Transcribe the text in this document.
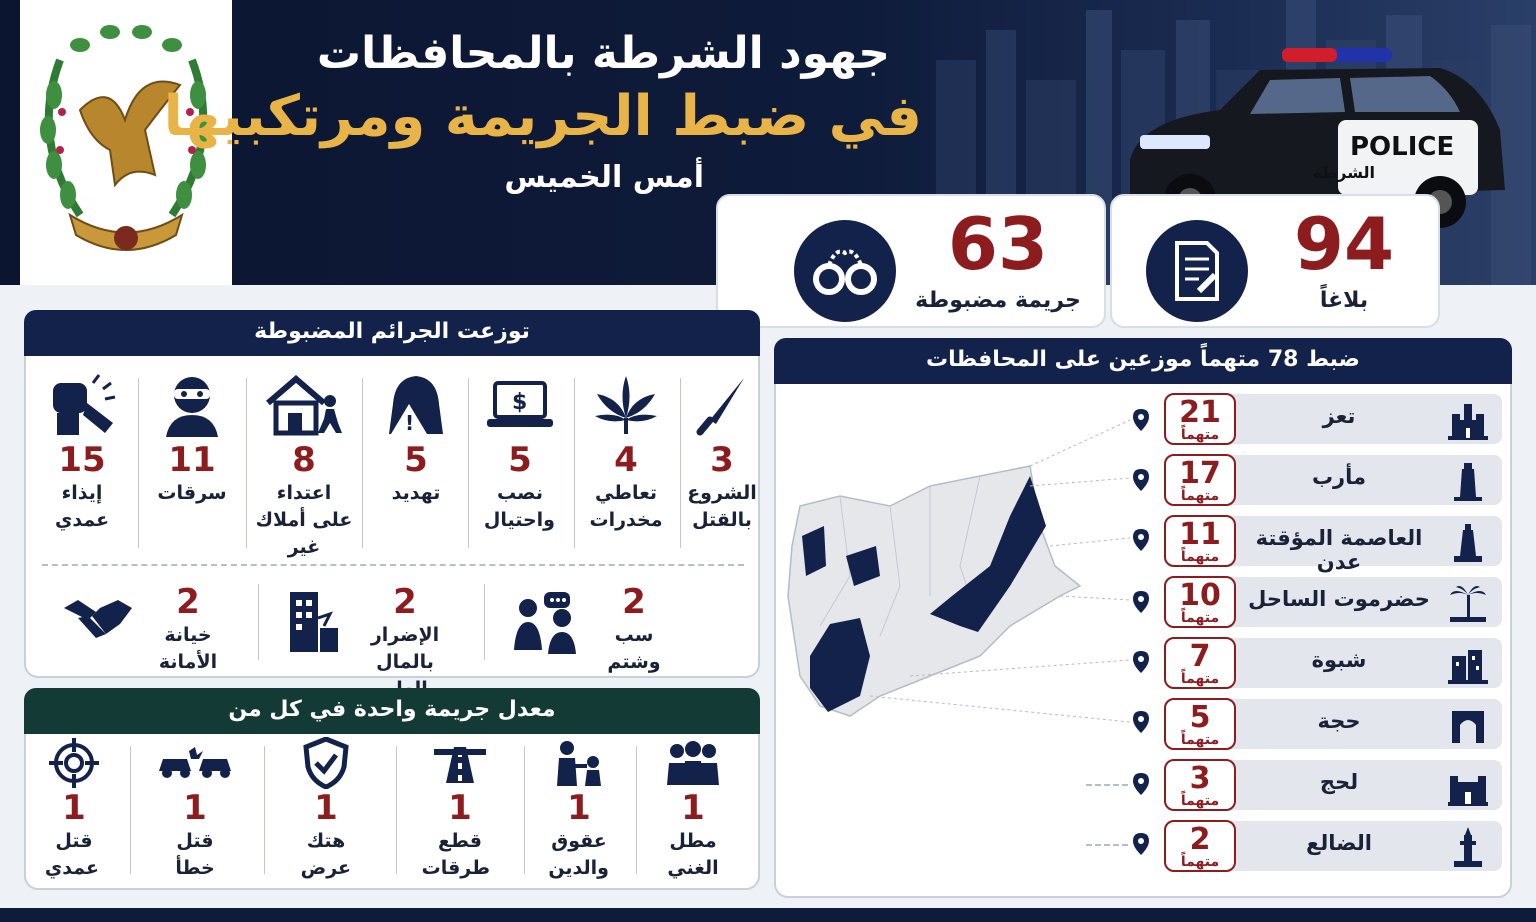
جهود الشرطة بالمحافظات
في ضبط الجريمة ومرتكبيها
أمس الخميس
POLICE
الشرطة
63
جريمة مضبوطة
94
بلاغاً
توزعت الجرائم المضبوطة
3
الشروع بالقتل
4
تعاطي مخدرات
$
5
نصب واحتيال
!
5
تهديد
8
اعتداء على أملاك غير
11
سرقات
15
إيذاء عمدي
2
سب وشتم
2
الإضرار بالمال
2
خيانة الأمانة
معدل جريمة واحدة في كل من
1
مطل الغني
1
عقوق والدين
1
قطع طرقات
1
هتك عرض
1
قتل خطأ
1
قتل عمدي
ضبط 78 متهماً موزعين على المحافظات
21
متهماً
تعز
17
متهماً
مأرب
11
متهماً
العاصمة المؤقتة عدن
10
متهماً
حضرموت الساحل
7
متهماً
شبوة
5
متهماً
حجة
3
متهماً
لحج
2
متهماً
الضالع
